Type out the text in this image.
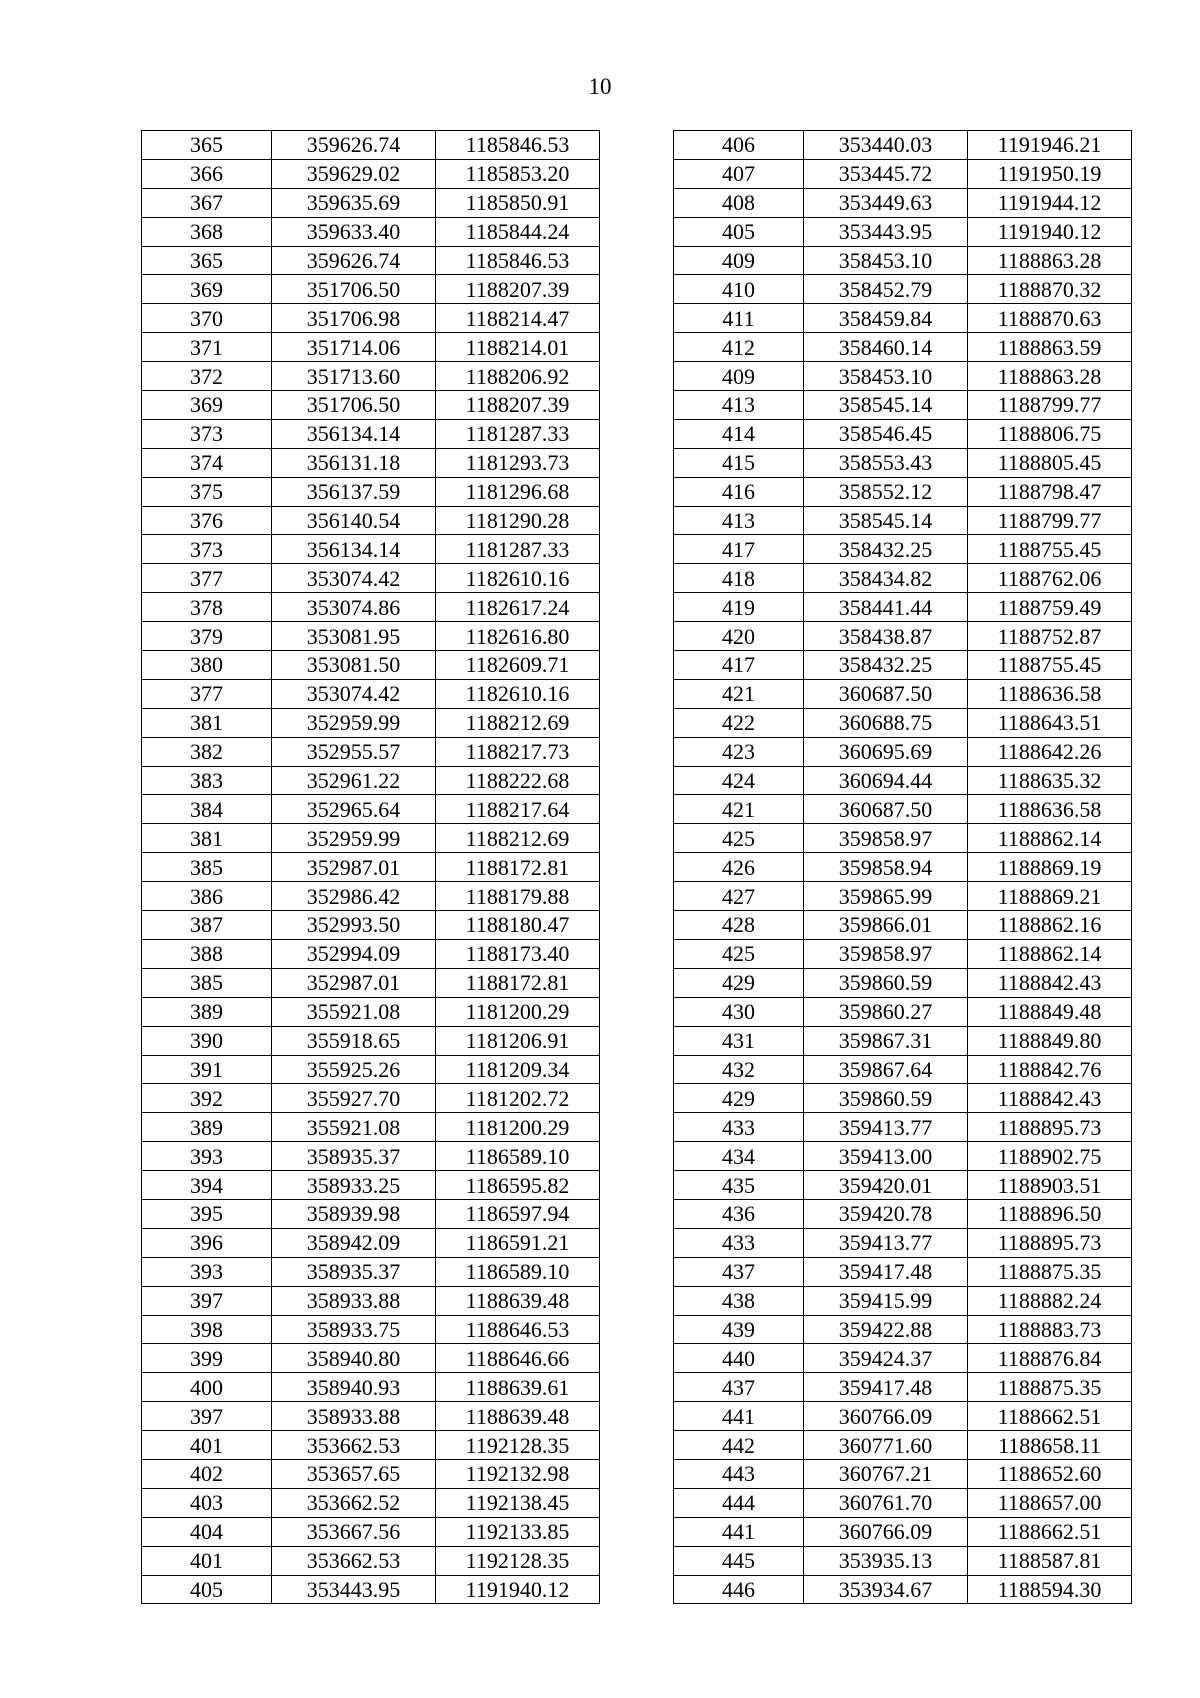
10
365	359626.74	1185846.53
366	359629.02	1185853.20
367	359635.69	1185850.91
368	359633.40	1185844.24
365	359626.74	1185846.53
369	351706.50	1188207.39
370	351706.98	1188214.47
371	351714.06	1188214.01
372	351713.60	1188206.92
369	351706.50	1188207.39
373	356134.14	1181287.33
374	356131.18	1181293.73
375	356137.59	1181296.68
376	356140.54	1181290.28
373	356134.14	1181287.33
377	353074.42	1182610.16
378	353074.86	1182617.24
379	353081.95	1182616.80
380	353081.50	1182609.71
377	353074.42	1182610.16
381	352959.99	1188212.69
382	352955.57	1188217.73
383	352961.22	1188222.68
384	352965.64	1188217.64
381	352959.99	1188212.69
385	352987.01	1188172.81
386	352986.42	1188179.88
387	352993.50	1188180.47
388	352994.09	1188173.40
385	352987.01	1188172.81
389	355921.08	1181200.29
390	355918.65	1181206.91
391	355925.26	1181209.34
392	355927.70	1181202.72
389	355921.08	1181200.29
393	358935.37	1186589.10
394	358933.25	1186595.82
395	358939.98	1186597.94
396	358942.09	1186591.21
393	358935.37	1186589.10
397	358933.88	1188639.48
398	358933.75	1188646.53
399	358940.80	1188646.66
400	358940.93	1188639.61
397	358933.88	1188639.48
401	353662.53	1192128.35
402	353657.65	1192132.98
403	353662.52	1192138.45
404	353667.56	1192133.85
401	353662.53	1192128.35
405	353443.95	1191940.12
406	353440.03	1191946.21
407	353445.72	1191950.19
408	353449.63	1191944.12
405	353443.95	1191940.12
409	358453.10	1188863.28
410	358452.79	1188870.32
411	358459.84	1188870.63
412	358460.14	1188863.59
409	358453.10	1188863.28
413	358545.14	1188799.77
414	358546.45	1188806.75
415	358553.43	1188805.45
416	358552.12	1188798.47
413	358545.14	1188799.77
417	358432.25	1188755.45
418	358434.82	1188762.06
419	358441.44	1188759.49
420	358438.87	1188752.87
417	358432.25	1188755.45
421	360687.50	1188636.58
422	360688.75	1188643.51
423	360695.69	1188642.26
424	360694.44	1188635.32
421	360687.50	1188636.58
425	359858.97	1188862.14
426	359858.94	1188869.19
427	359865.99	1188869.21
428	359866.01	1188862.16
425	359858.97	1188862.14
429	359860.59	1188842.43
430	359860.27	1188849.48
431	359867.31	1188849.80
432	359867.64	1188842.76
429	359860.59	1188842.43
433	359413.77	1188895.73
434	359413.00	1188902.75
435	359420.01	1188903.51
436	359420.78	1188896.50
433	359413.77	1188895.73
437	359417.48	1188875.35
438	359415.99	1188882.24
439	359422.88	1188883.73
440	359424.37	1188876.84
437	359417.48	1188875.35
441	360766.09	1188662.51
442	360771.60	1188658.11
443	360767.21	1188652.60
444	360761.70	1188657.00
441	360766.09	1188662.51
445	353935.13	1188587.81
446	353934.67	1188594.30
